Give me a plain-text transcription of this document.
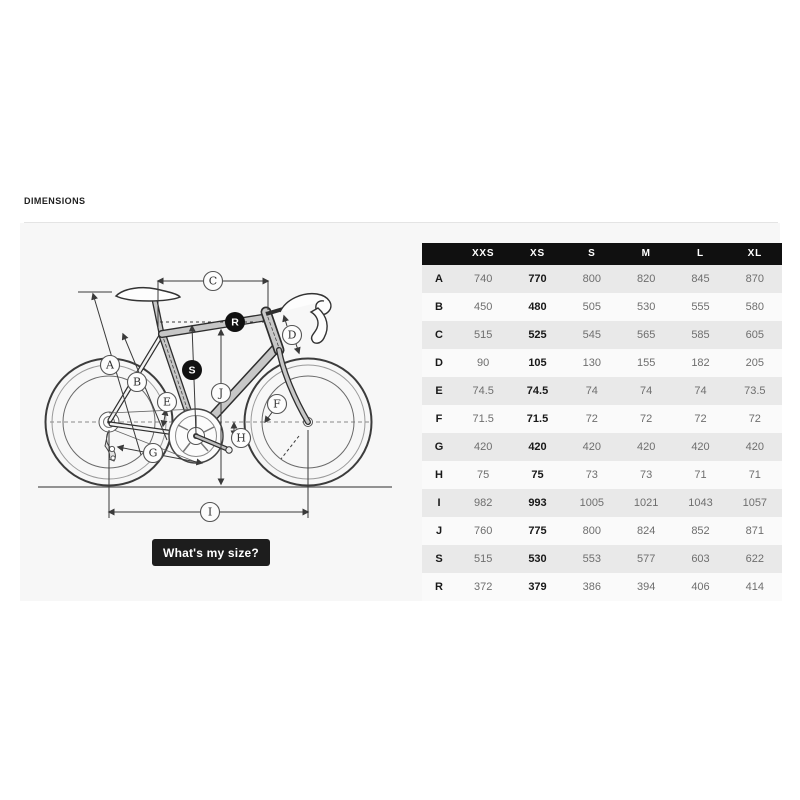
DIMENSIONS
A
B
C
D
E	F
G
H
I
J
S
R
What's my size?
XXS	XS	S	M	L	XL
A	740	770	800	820	845	870
B	450	480	505	530	555	580
C	515	525	545	565	585	605
D	90	105	130	155	182	205
E	74.5	74.5	74	74	74	73.5
F	71.5	71.5	72	72	72	72
G	420	420	420	420	420	420
H	75	75	73	73	71	71
I	982	993	1005	1021	1043	1057
J	760	775	800	824	852	871
S	515	530	553	577	603	622
R	372	379	386	394	406	414
